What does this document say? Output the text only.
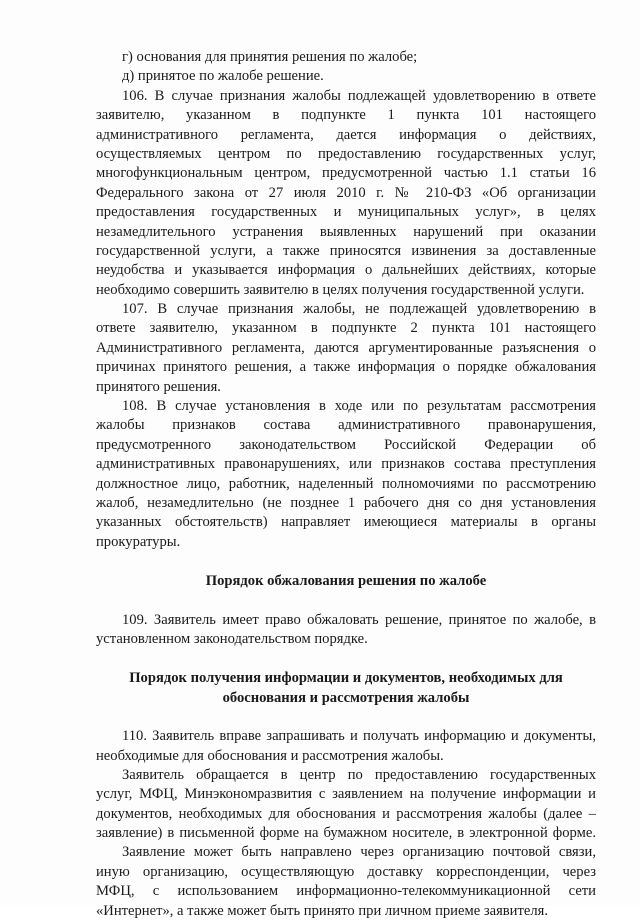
г) основания для принятия решения по жалобе;
д) принятое по жалобе решение.
106. В случае признания жалобы подлежащей удовлетворению в ответе
заявителю, указанном в подпункте 1 пункта 101 настоящего
административного регламента, дается информация о действиях,
осуществляемых центром по предоставлению государственных услуг,
многофункциональным центром, предусмотренной частью 1.1 статьи 16
Федерального закона от 27 июля 2010 г. № 210-ФЗ «Об организации
предоставления государственных и муниципальных услуг», в целях
незамедлительного устранения выявленных нарушений при оказании
государственной услуги, а также приносятся извинения за доставленные
неудобства и указывается информация о дальнейших действиях, которые
необходимо совершить заявителю в целях получения государственной услуги.
107. В случае признания жалобы, не подлежащей удовлетворению в
ответе заявителю, указанном в подпункте 2 пункта 101 настоящего
Административного регламента, даются аргументированные разъяснения о
причинах принятого решения, а также информация о порядке обжалования
принятого решения.
108. В случае установления в ходе или по результатам рассмотрения
жалобы признаков состава административного правонарушения,
предусмотренного законодательством Российской Федерации об
административных правонарушениях, или признаков состава преступления
должностное лицо, работник, наделенный полномочиями по рассмотрению
жалоб, незамедлительно (не позднее 1 рабочего дня со дня установления
указанных обстоятельств) направляет имеющиеся материалы в органы
прокуратуры.
Порядок обжалования решения по жалобе
109. Заявитель имеет право обжаловать решение, принятое по жалобе, в
установленном законодательством порядке.
Порядок получения информации и документов, необходимых для
обоснования и рассмотрения жалобы
110. Заявитель вправе запрашивать и получать информацию и документы,
необходимые для обоснования и рассмотрения жалобы.
Заявитель обращается в центр по предоставлению государственных
услуг, МФЦ, Минэкономразвития с заявлением на получение информации и
документов, необходимых для обоснования и рассмотрения жалобы (далее –
заявление) в письменной форме на бумажном носителе, в электронной форме.
Заявление может быть направлено через организацию почтовой связи,
иную организацию, осуществляющую доставку корреспонденции, через
МФЦ, с использованием информационно-телекоммуникационной сети
«Интернет», а также может быть принято при личном приеме заявителя.
